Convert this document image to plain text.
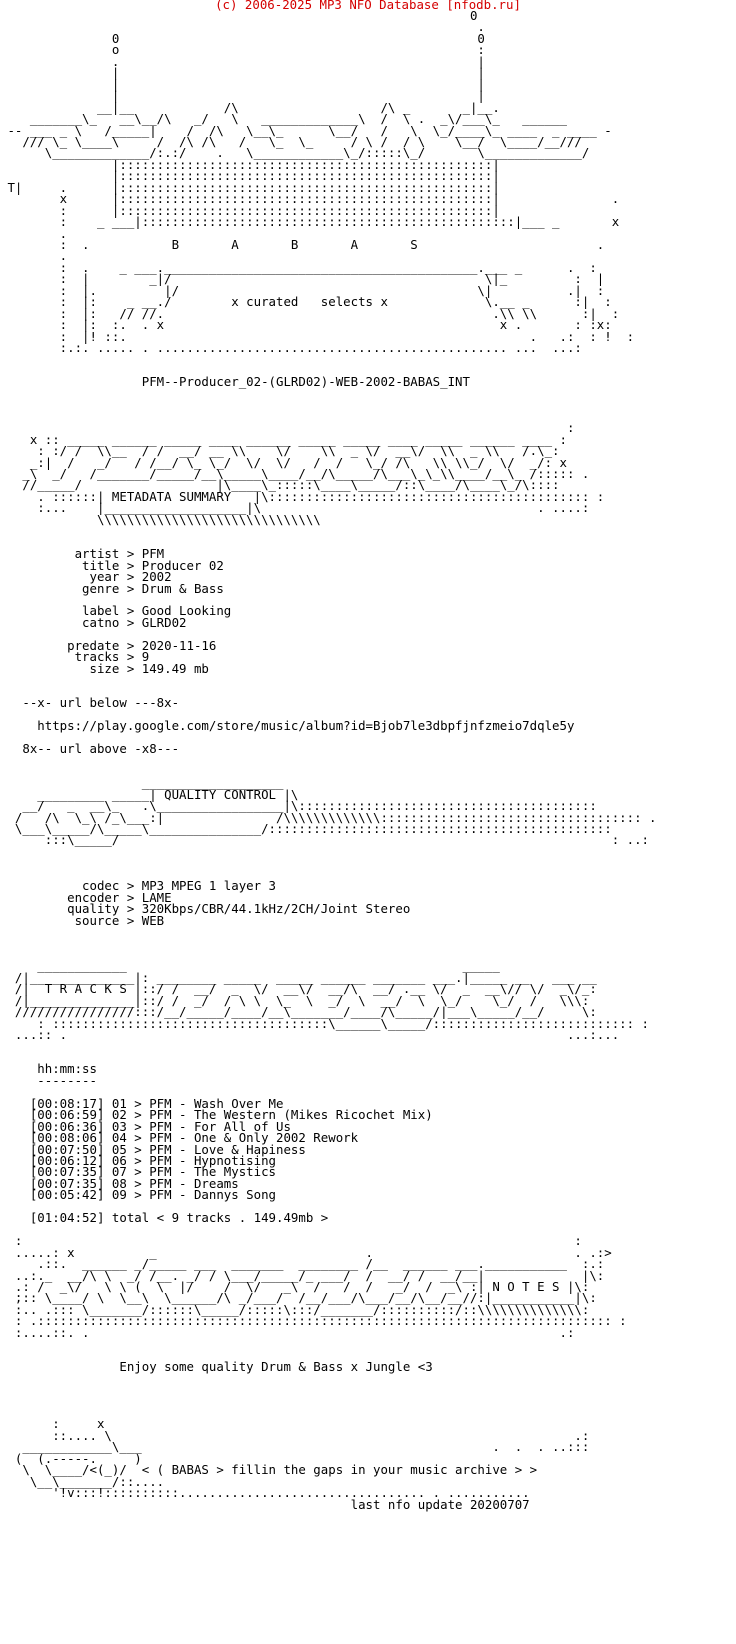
(c) 2006-2025 MP3 NFO Database [nfodb.ru]
0
.
0                                                0
o                                                :
.                                                |
|                                                |
|                                                |
|                                                |
__|__            /\                   /\ _       _|__.
_______\_   __\__/\   _/   \   _____________\  /  \ .  _\/___\_   ______
-- ___ _ \   /_____|    /  /\   \__\_      \__/   /   \  \_/____\_ ____  _ ____ -
/// \_ \____\     /  /\ /\   /   \_  \_     / \ /  / \    \__/  \____/__///
\_____________/:.:/    .   \____________\_/:::::\_/       \_____________/
|::::::::::::::::::::::::::::::::::::::::::::::::::|
|::::::::::::::::::::::::::::::::::::::::::::::::::|
T|     .      |::::::::::::::::::::::::::::::::::::::::::::::::::|
x      |::::::::::::::::::::::::::::::::::::::::::::::::::|               .
:      |::::::::::::::::::::::::::::::::::::::::::::::::::|
:    _ ___|::::::::::::::::::::::::::::::::::::::::::::::::::|___ _       x
.
:  .           B       A       B       A       S                        .
.
:  .    _ ___.__________________________________________.___ _      .  :
:  |        _|/                                          \|_         :  |
:  |.         |/                                        \|          .|  :
:  |:    _ __./        x curated   selects x             \.__ _      :|  :
:  |:   // //.                                            .\\ \\      :|  :
:  |:  :.  . x                                             x .       : :x:
:  |! ::.                                                      .   .:  : !  :
:.:. ..... . ............................................... ...  ...:
PFM--Producer_02-(GLRD02)-WEB-2002-BABAS_INT
:
x :: _____ ______ _____ ____ ______ _____ _____ ____ _____ ______ ____ :
: :/ /  \\__  / /  __/ __ \\    \/    \\  _ \/  __\/  \\  _ \\   /.\_:
_:|  /   _/   / /__/ \_ \_/  \/  \/   /  /   \_/ /\   \\ \\_/  \/  _/: x
_\  _/   /_______/_____/__\_____\____/__/\_____/\___\_\_\\____/__\_ /::::: .
//_____/                  |\____\_:::::\____\_____/::\____/\____\_/\::::
. ::::::| METADATA SUMMARY   |\::::::::::::::::::::::::::::::::::::::::::: :
:...    |___________________|\                                     . ....:
\\\\\\\\\\\\\\\\\\\\\\\\\\\\\\
artist > PFM
title > Producer 02
year > 2002
genre > Drum & Bass
label > Good Looking
catno > GLRD02
predate > 2020-11-16
tracks > 9
size > 149.49 mb
--x- url below ---8x-
https://play.google.com/store/music/album?id=Bjob7le3dbpfjnfzmeio7dqle5y
8x-- url above -x8---
___________________
_________ _____| QUALITY CONTROL |\
__/   _  __\_   .\_________________|\::::::::::::::::::::::::::::::::::::::::
/   /\  \_\ /_\___:|               /\\\\\\\\\\\\\::::::::::::::::::::::::::::::::::: .
\___\_____/\_____\_______________/::::::::::::::::::::::::::::::::::::::::::::::
:::\_____/                                                                  : ..:
codec > MP3 MPEG 1 layer 3
encoder > LAME
quality > 320Kbps/CBR/44.1kHz/2CH/Joint Stereo
source > WEB
____________                                             _____
/|______________|: ________ _____  _____ ______ _______ ___.|_____ __   ___ __
/|  T R A C K S |::/ /  __/  _  \/  __\/  __/\  __/ .__ \/  _  __\// \/  _\/_:
/|______________|::/ /  _/  / \ \  \_  \  _/  \  __/  \  \_/    \_/  /   \\\:
////////////////:::/__/_____/____/__\_______/____/\_____/|___\_____/__/     \:
: :::::::::::::::::::::::::::::::::::::\______\_____/::::::::::::::::::::::::::: :
...:: .                                                                   ...:...
hh:mm:ss
--------
[00:08:17] 01 > PFM - Wash Over Me
[00:06:59] 02 > PFM - The Western (Mikes Ricochet Mix)
[00:06:36] 03 > PFM - For All of Us
[00:08:06] 04 > PFM - One & Only 2002 Rework
[00:07:50] 05 > PFM - Love & Hapiness
[00:06:12] 06 > PFM - Hypnotising
[00:07:35] 07 > PFM - The Mystics
[00:07:35] 08 > PFM - Dreams
[00:05:42] 09 > PFM - Dannys Song
[01:04:52] total < 9 tracks . 149.49mb >
:                                                                          :
.....: x          _                            .                           . .:>
.::.  ______ _/_____ ___  _______  ________ /__  ______ ___.___________  :.:
..:._  __/\ \  _/ /__. _/ / \___/_____/_ ___/  /  __/ /  __/__|             |\:
.: /  _\/   \ \ (  \  |/    /  \/   _\  /   /  /   _/  /  _\ :| N O T E S |\:
;:: \____/ \  \__\  \______/\ _/___/  /__/___/\___/__/\__/__//:|___________|\:
:.. .::: \_______/::::::\_____/:::::\:::/_______/::::::::::/::\\\\\\\\\\\\\\:
: .::::::::::::::::::::::::::::::::::::::::::::::::::::::::::::::::::::::::::::: :
:....::. .                                                               .:
Enjoy some quality Drum & Bass x Jungle <3
:     x
::.... \                                                              .:
____________\___                                               .  .  . ..:::
(  (.-----.     )
\  \____/<(_)/  < ( BABAS > fillin the gaps in your music archive > >
\__\_______/::....
'!v:::!::::::::::................................. . ...........
last nfo update 20200707
